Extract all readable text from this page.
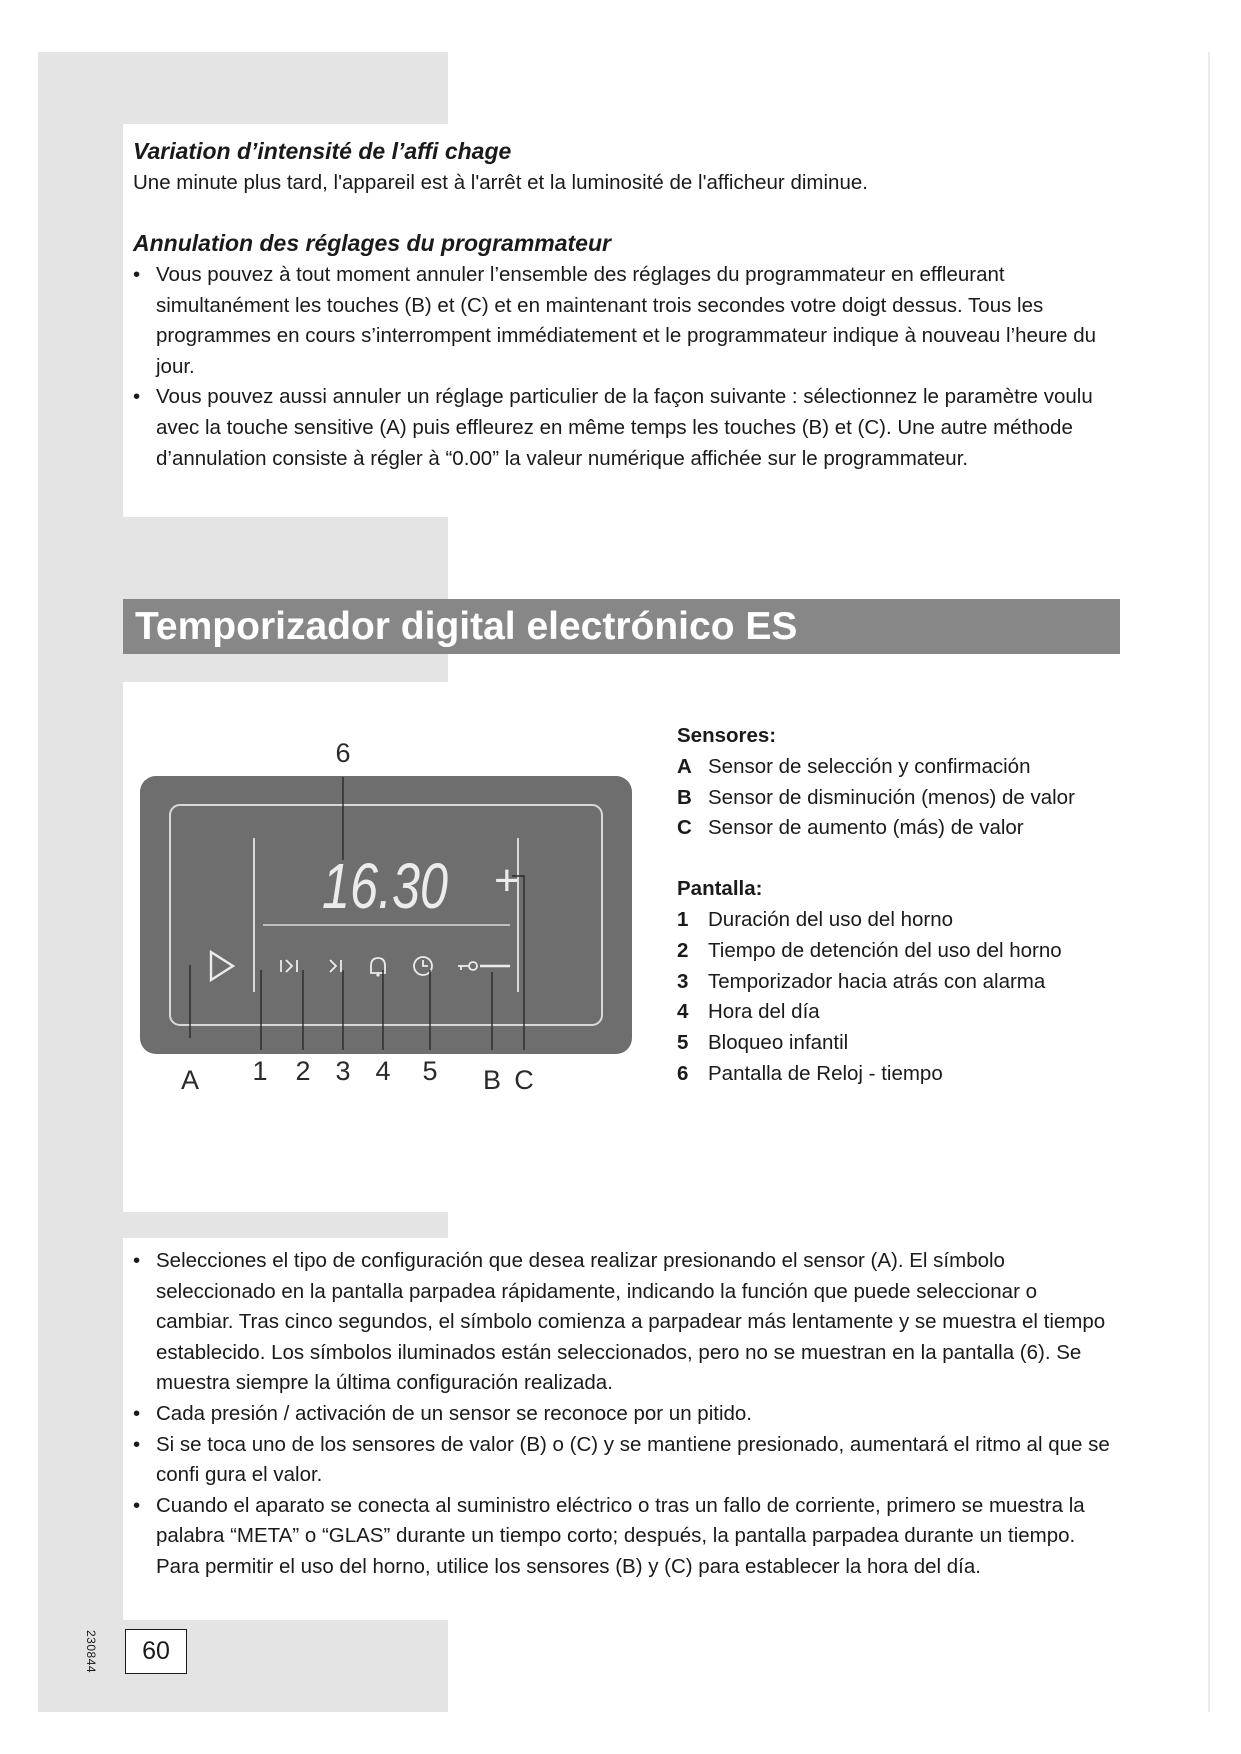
Variation d’intensité de l’affi chage

Une minute plus tard, l'appareil est à l'arrêt et la luminosité de l'afficheur diminue.

Annulation des réglages du programmateur
• Vous pouvez à tout moment annuler l’ensemble des réglages du programmateur en effleurant simultanément les touches (B) et (C) et en maintenant trois secondes votre doigt dessus. Tous les programmes en cours s’interrompent immédiatement et le programmateur indique à nouveau l’heure du jour.
• Vous pouvez aussi annuler un réglage particulier de la façon suivante : sélectionnez le paramètre voulu avec la touche sensitive (A) puis effleurez en même temps les touches (B) et (C). Une autre méthode d’annulation consiste à régler à “0.00” la valeur numérique affichée sur le programmateur.
Temporizador digital electrónico ES
16.30 +
6
A 1 2 3 4 5 B C
Sensores:
A Sensor de selección y confirmación
B Sensor de disminución (menos) de valor
C Sensor de aumento (más) de valor
Pantalla:
1 Duración del uso del horno
2 Tiempo de detención del uso del horno
3 Temporizador hacia atrás con alarma
4 Hora del día
5 Bloqueo infantil
6 Pantalla de Reloj - tiempo
• Selecciones el tipo de configuración que desea realizar presionando el sensor (A). El símbolo seleccionado en la pantalla parpadea rápidamente, indicando la función que puede seleccionar o cambiar. Tras cinco segundos, el símbolo comienza a parpadear más lentamente y se muestra el tiempo establecido. Los símbolos iluminados están seleccionados, pero no se muestran en la pantalla (6). Se muestra siempre la última configuración realizada.
• Cada presión / activación de un sensor se reconoce por un pitido.
• Si se toca uno de los sensores de valor (B) o (C) y se mantiene presionado, aumentará el ritmo al que se confi gura el valor.
• Cuando el aparato se conecta al suministro eléctrico o tras un fallo de corriente, primero se muestra la palabra “META” o “GLAS” durante un tiempo corto; después, la pantalla parpadea durante un tiempo. Para permitir el uso del horno, utilice los sensores (B) y (C) para establecer la hora del día.
230844	60
